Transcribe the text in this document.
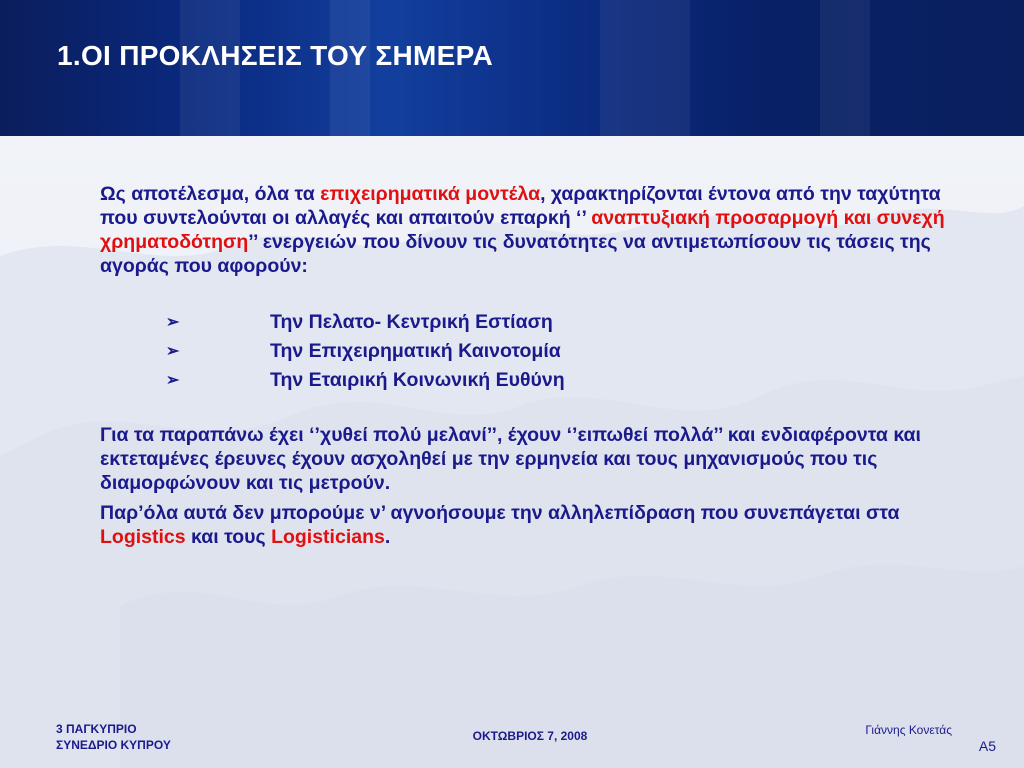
1.ΟΙ ΠΡΟΚΛΗΣΕΙΣ ΤΟΥ ΣΗΜΕΡΑ

Ως αποτέλεσμα, όλα τα επιχειρηματικά μοντέλα, χαρακτηρίζονται έντονα από την ταχύτητα που συντελούνται οι αλλαγές και απαιτούν επαρκή ‘’ αναπτυξιακή προσαρμογή και συνεχή χρηματοδότηση’’ ενεργειών που δίνουν τις δυνατότητες να αντιμετωπίσουν τις τάσεις της αγοράς που αφορούν:

➢	Την Πελατο- Κεντρική Εστίαση
➢	Την Επιχειρηματική Καινοτομία
➢	Την Εταιρική Κοινωνική Ευθύνη

Για τα παραπάνω έχει ‘’χυθεί πολύ μελανί’’, έχουν ‘’ειπωθεί πολλά’’ και ενδιαφέροντα και εκτεταμένες έρευνες έχουν ασχοληθεί με την ερμηνεία και τους μηχανισμούς που τις διαμορφώνουν και τις μετρούν.

Παρ’όλα αυτά δεν μπορούμε ν’ αγνοήσουμε την αλληλεπίδραση που συνεπάγεται στα Logistics και τους Logisticians.

3 ΠΑΓΚΥΠΡΙΟ
ΣΥΝΕΔΡΙΟ ΚΥΠΡΟΥ
ΟΚΤΩΒΡΙΟΣ 7, 2008	Γιάννης Κονετάς
A5
